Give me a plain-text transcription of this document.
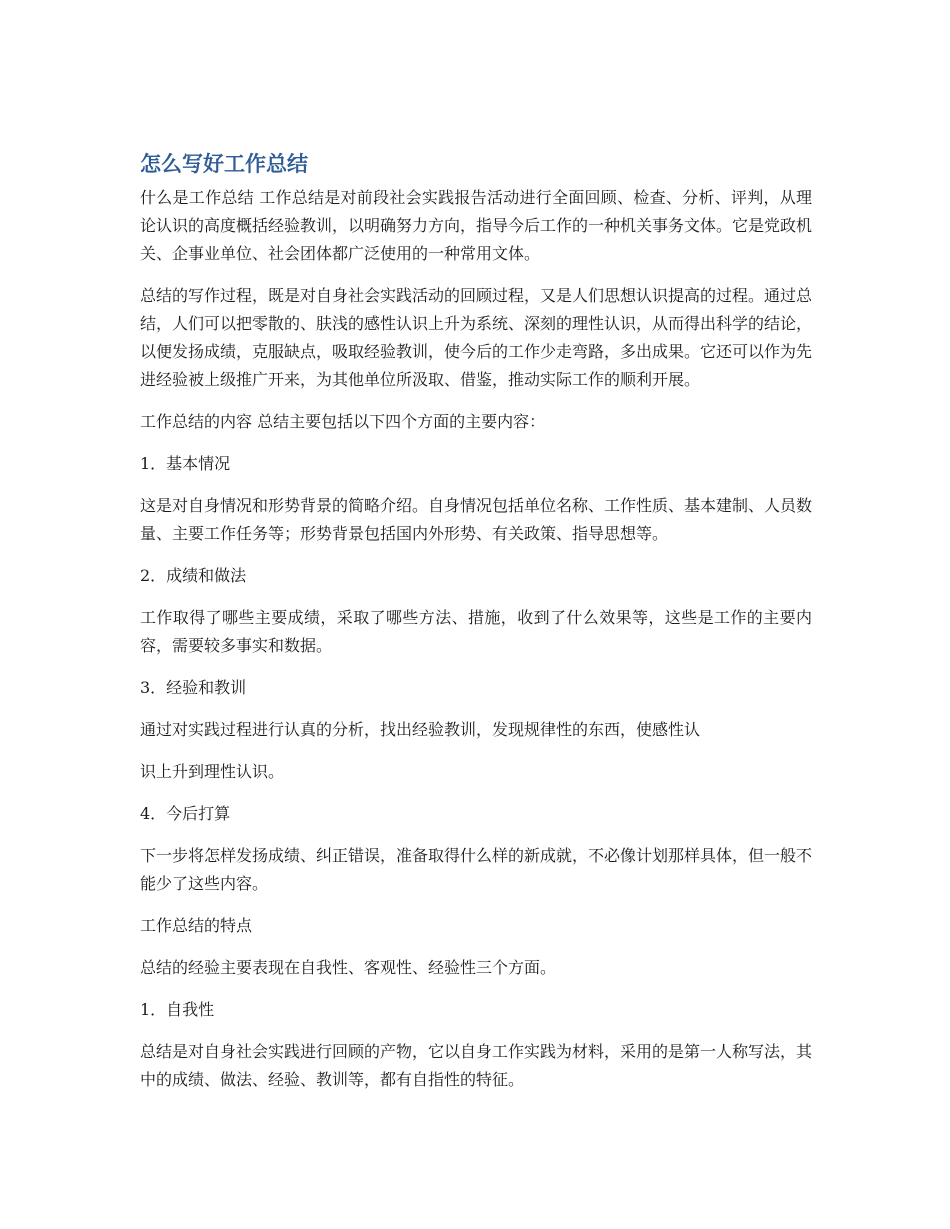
怎么写好工作总结

什么是工作总结 工作总结是对前段社会实践报告活动进行全面回顾、检查、分析、评判，从理论认识的高度概括经验教训，以明确努力方向，指导今后工作的一种机关事务文体。它是党政机关、企事业单位、社会团体都广泛使用的一种常用文体。

总结的写作过程，既是对自身社会实践活动的回顾过程，又是人们思想认识提高的过程。通过总结，人们可以把零散的、肤浅的感性认识上升为系统、深刻的理性认识，从而得出科学的结论，以便发扬成绩，克服缺点，吸取经验教训，使今后的工作少走弯路，多出成果。它还可以作为先进经验被上级推广开来，为其他单位所汲取、借鉴，推动实际工作的顺利开展。

工作总结的内容 总结主要包括以下四个方面的主要内容：

1．基本情况

这是对自身情况和形势背景的简略介绍。自身情况包括单位名称、工作性质、基本建制、人员数量、主要工作任务等；形势背景包括国内外形势、有关政策、指导思想等。

2．成绩和做法

工作取得了哪些主要成绩，采取了哪些方法、措施，收到了什么效果等，这些是工作的主要内容，需要较多事实和数据。

3．经验和教训

通过对实践过程进行认真的分析，找出经验教训，发现规律性的东西，使感性认

识上升到理性认识。

4．今后打算

下一步将怎样发扬成绩、纠正错误，准备取得什么样的新成就，不必像计划那样具体，但一般不能少了这些内容。

工作总结的特点

总结的经验主要表现在自我性、客观性、经验性三个方面。

1．自我性

总结是对自身社会实践进行回顾的产物，它以自身工作实践为材料，采用的是第一人称写法，其中的成绩、做法、经验、教训等，都有自指性的特征。
